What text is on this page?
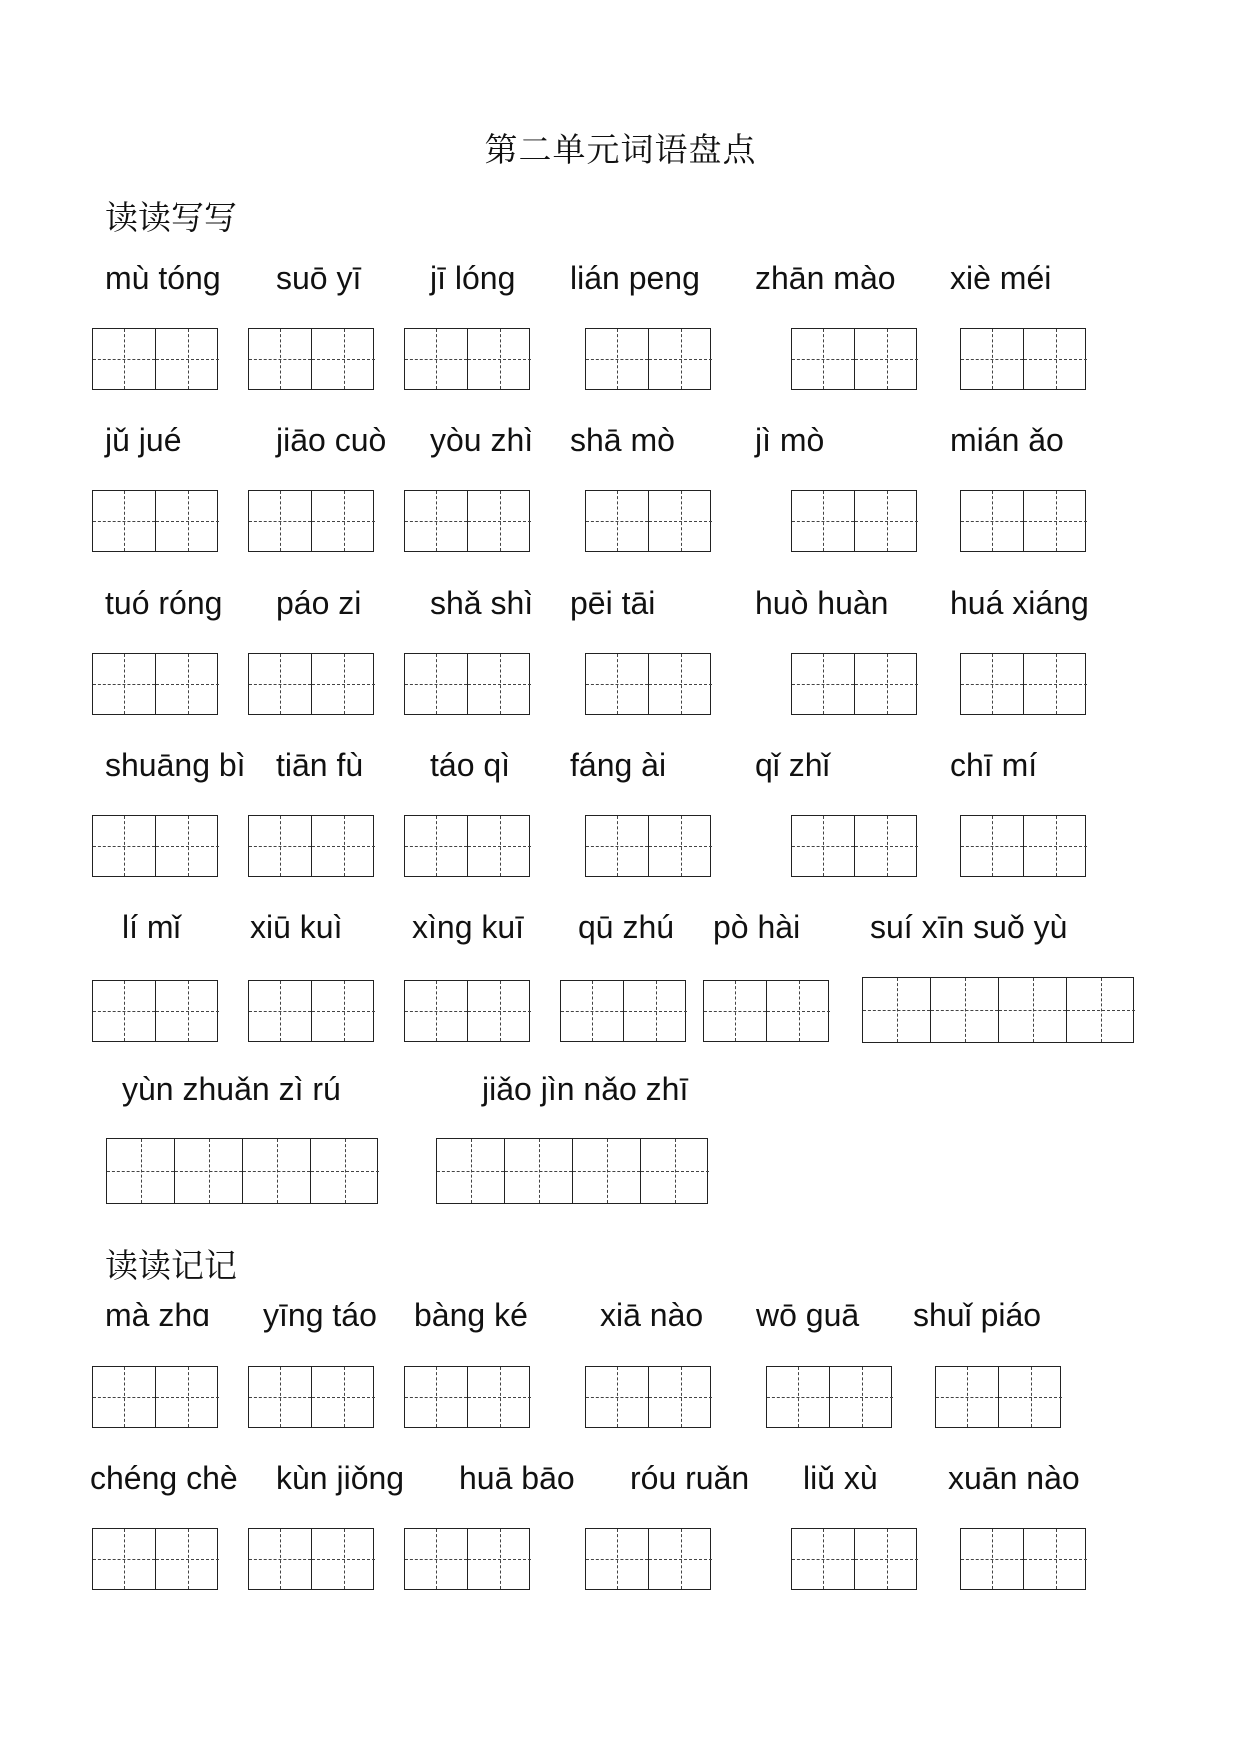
第二单元词语盘点
读读写写
读读记记
mù tóng suō yī jī lóng lián peng zhān mào xiè méi
jǔ jué	jiāo cuò yòu zhì shā mò	jì mò	mián ǎo
tuó róng páo zi shǎ shì pēi tāi	huò huàn huá xiáng
shuāng bì tiān fù táo qì fáng ài	qǐ zhǐ	chī mí
lí mǐ xiū kuì xìng kuī qū zhú pò hài suí xīn suǒ yù
yùn zhuǎn zì rú	jiǎo jìn nǎo zhī
mà zhɑ yīng táo bàng ké xiā nào wō guā shuǐ piáo
chéng chè kùn jiǒng huā bāo róu ruǎn liǔ xù xuān nào
